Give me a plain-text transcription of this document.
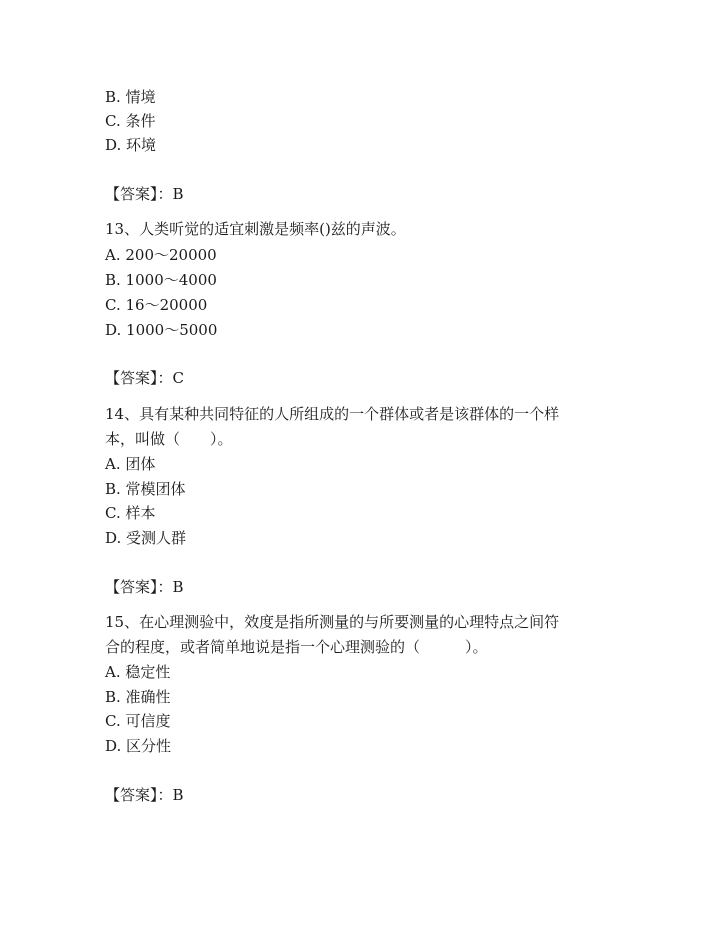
B. 情境
C. 条件
D. 环境
【答案】：B
13、人类听觉的适宜刺激是频率()兹的声波。
A. 200～20000
B. 1000～4000
C. 16～20000
D. 1000～5000
【答案】：C
14、具有某种共同特征的人所组成的一个群体或者是该群体的一个样
本，叫做（　　）。
A. 团体
B. 常模团体
C. 样本
D. 受测人群
【答案】：B
15、在心理测验中，效度是指所测量的与所要测量的心理特点之间符
合的程度，或者简单地说是指一个心理测验的（　　　）。
A. 稳定性
B. 准确性
C. 可信度
D. 区分性
【答案】：B
